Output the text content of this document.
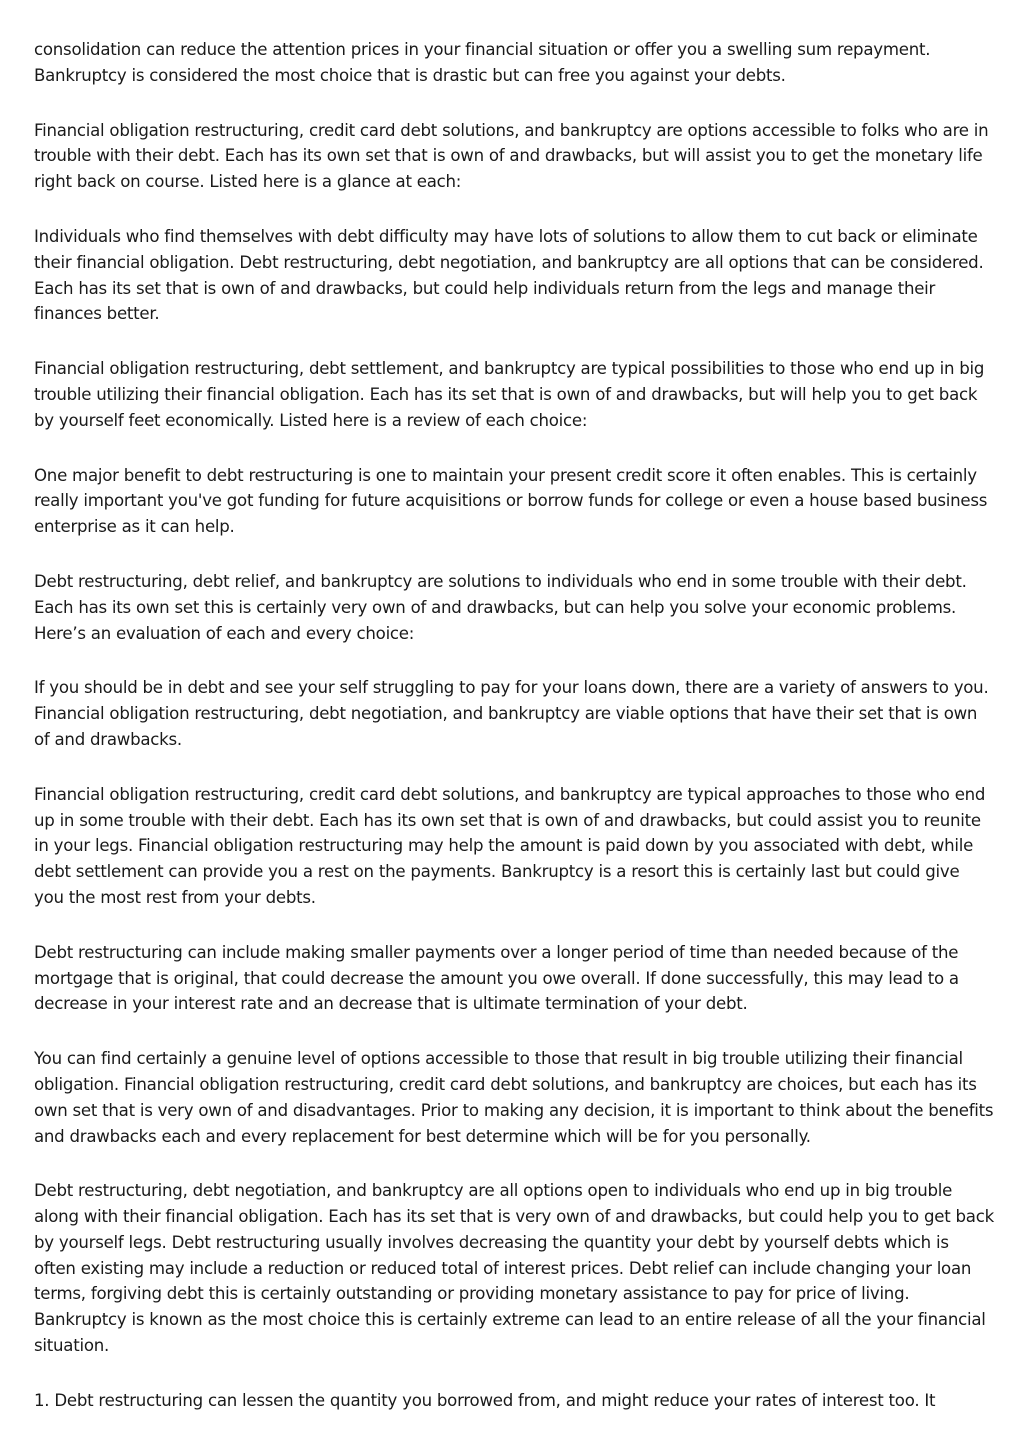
consolidation can reduce the attention prices in your financial situation or offer you a swelling sum repayment. Bankruptcy is considered the most choice that is drastic but can free you against your debts.

Financial obligation restructuring, credit card debt solutions, and bankruptcy are options accessible to folks who are in trouble with their debt. Each has its own set that is own of and drawbacks, but will assist you to get the monetary life right back on course. Listed here is a glance at each:

Individuals who find themselves with debt difficulty may have lots of solutions to allow them to cut back or eliminate their financial obligation. Debt restructuring, debt negotiation, and bankruptcy are all options that can be considered. Each has its set that is own of and drawbacks, but could help individuals return from the legs and manage their finances better.

Financial obligation restructuring, debt settlement, and bankruptcy are typical possibilities to those who end up in big trouble utilizing their financial obligation. Each has its set that is own of and drawbacks, but will help you to get back by yourself feet economically. Listed here is a review of each choice:

One major benefit to debt restructuring is one to maintain your present credit score it often enables. This is certainly really important you've got funding for future acquisitions or borrow funds for college or even a house based business enterprise as it can help.

Debt restructuring, debt relief, and bankruptcy are solutions to individuals who end in some trouble with their debt. Each has its own set this is certainly very own of and drawbacks, but can help you solve your economic problems. Here’s an evaluation of each and every choice:

If you should be in debt and see your self struggling to pay for your loans down, there are a variety of answers to you. Financial obligation restructuring, debt negotiation, and bankruptcy are viable options that have their set that is own of and drawbacks.

Financial obligation restructuring, credit card debt solutions, and bankruptcy are typical approaches to those who end up in some trouble with their debt. Each has its own set that is own of and drawbacks, but could assist you to reunite in your legs. Financial obligation restructuring may help the amount is paid down by you associated with debt, while debt settlement can provide you a rest on the payments. Bankruptcy is a resort this is certainly last but could give you the most rest from your debts.

Debt restructuring can include making smaller payments over a longer period of time than needed because of the mortgage that is original, that could decrease the amount you owe overall. If done successfully, this may lead to a decrease in your interest rate and an decrease that is ultimate termination of your debt.

You can find certainly a genuine level of options accessible to those that result in big trouble utilizing their financial obligation. Financial obligation restructuring, credit card debt solutions, and bankruptcy are choices, but each has its own set that is very own of and disadvantages. Prior to making any decision, it is important to think about the benefits and drawbacks each and every replacement for best determine which will be for you personally.

Debt restructuring, debt negotiation, and bankruptcy are all options open to individuals who end up in big trouble along with their financial obligation. Each has its set that is very own of and drawbacks, but could help you to get back by yourself legs. Debt restructuring usually involves decreasing the quantity your debt by yourself debts which is often existing may include a reduction or reduced total of interest prices. Debt relief can include changing your loan terms, forgiving debt this is certainly outstanding or providing monetary assistance to pay for price of living. Bankruptcy is known as the most choice this is certainly extreme can lead to an entire release of all the your financial situation.

1. Debt restructuring can lessen the quantity you borrowed from, and might reduce your rates of interest too. It
